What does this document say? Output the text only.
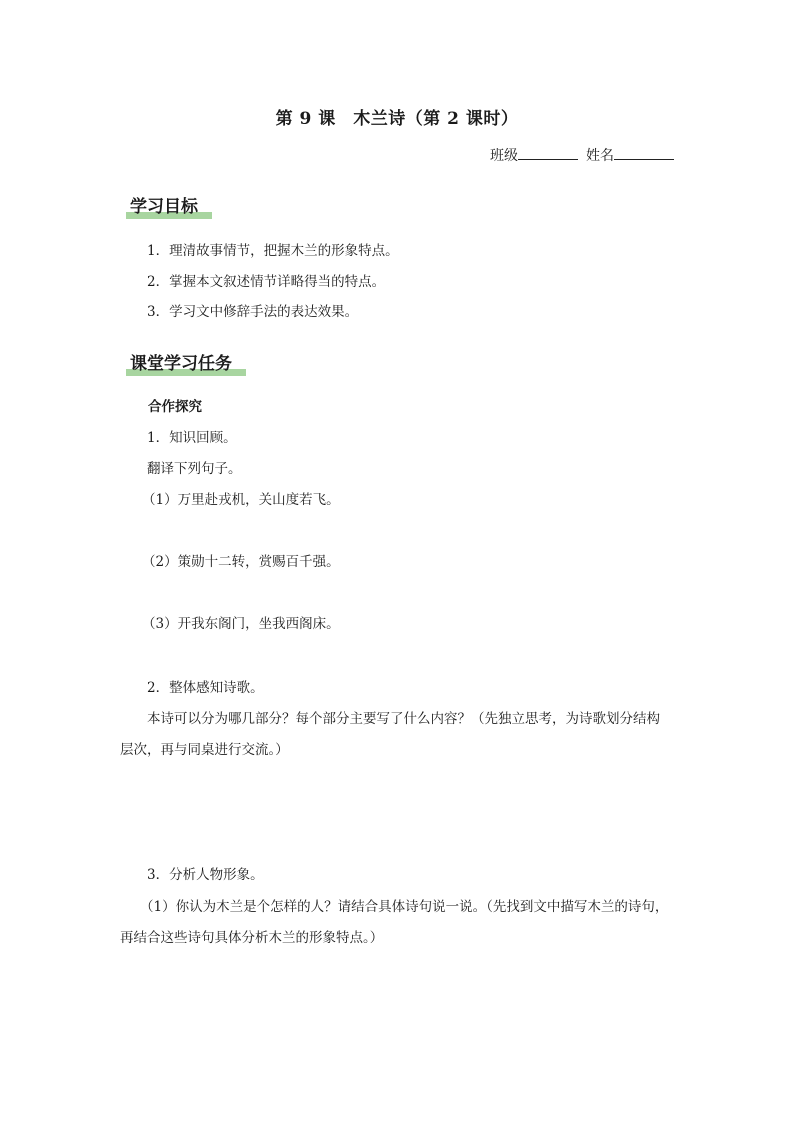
第 9 课　木兰诗（第 2 课时）
班级	姓名
学习目标
1．理清故事情节，把握木兰的形象特点。
2．掌握本文叙述情节详略得当的特点。
3．学习文中修辞手法的表达效果。
课堂学习任务
合作探究
1．知识回顾。
翻译下列句子。
（1）万里赴戎机，关山度若飞。
（2）策勋十二转，赏赐百千强。
（3）开我东阁门，坐我西阁床。
2．整体感知诗歌。
本诗可以分为哪几部分？每个部分主要写了什么内容？（先独立思考，为诗歌划分结构
层次，再与同桌进行交流。）
3．分析人物形象。
（1）你认为木兰是个怎样的人？请结合具体诗句说一说。（先找到文中描写木兰的诗句，
再结合这些诗句具体分析木兰的形象特点。）
